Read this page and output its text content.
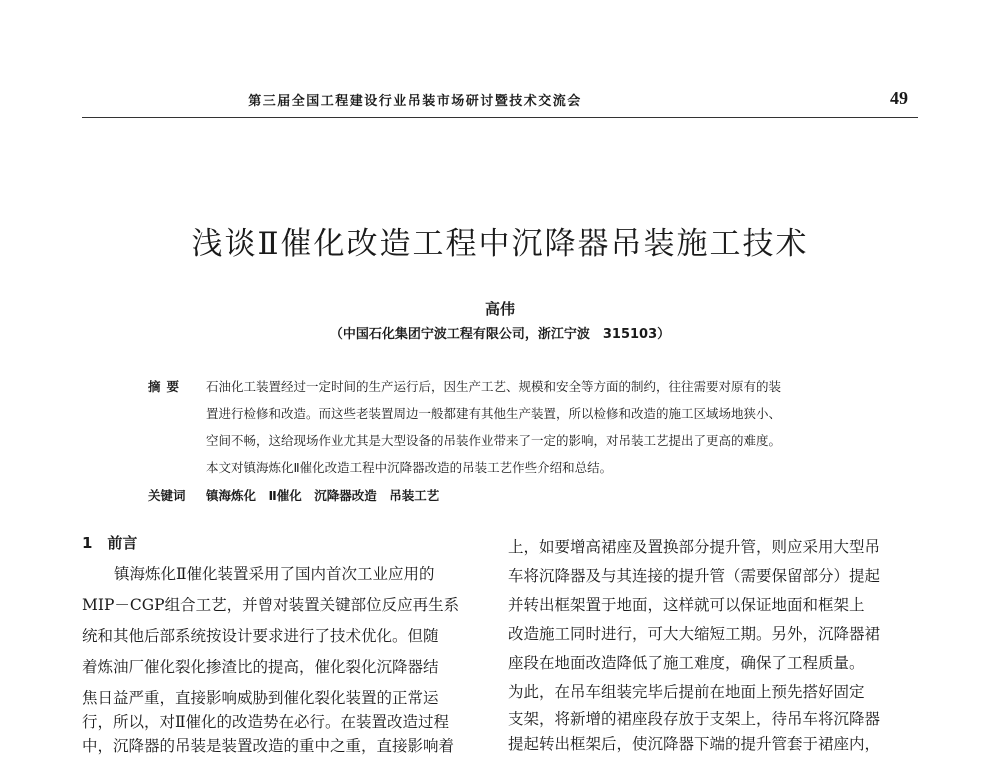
第三届全国工程建设行业吊装市场研讨暨技术交流会	49
浅谈Ⅱ催化改造工程中沉降器吊装施工技术
高伟
（中国石化集团宁波工程有限公司，浙江宁波　315103）
摘要 石油化工装置经过一定时间的生产运行后，因生产工艺、规模和安全等方面的制约，往往需要对原有的装
置进行检修和改造。而这些老装置周边一般都建有其他生产装置，所以检修和改造的施工区域场地狭小、
空间不畅，这给现场作业尤其是大型设备的吊装作业带来了一定的影响，对吊装工艺提出了更高的难度。
本文对镇海炼化Ⅱ催化改造工程中沉降器改造的吊装工艺作些介绍和总结。
关键词 镇海炼化　Ⅱ催化　沉降器改造　吊装工艺
1　前言
镇海炼化Ⅱ催化装置采用了国内首次工业应用的
MIP－CGP组合工艺，并曾对装置关键部位反应再生系
统和其他后部系统按设计要求进行了技术优化。但随
着炼油厂催化裂化掺渣比的提高，催化裂化沉降器结
焦日益严重，直接影响威胁到催化裂化装置的正常运
行，所以，对Ⅱ催化的改造势在必行。在装置改造过程
中，沉降器的吊装是装置改造的重中之重，直接影响着
上，如要增高裙座及置换部分提升管，则应采用大型吊
车将沉降器及与其连接的提升管（需要保留部分）提起
并转出框架置于地面，这样就可以保证地面和框架上
改造施工同时进行，可大大缩短工期。另外，沉降器裙
座段在地面改造降低了施工难度，确保了工程质量。
为此，在吊车组装完毕后提前在地面上预先搭好固定
支架，将新增的裙座段存放于支架上，待吊车将沉降器
提起转出框架后，使沉降器下端的提升管套于裙座内，
